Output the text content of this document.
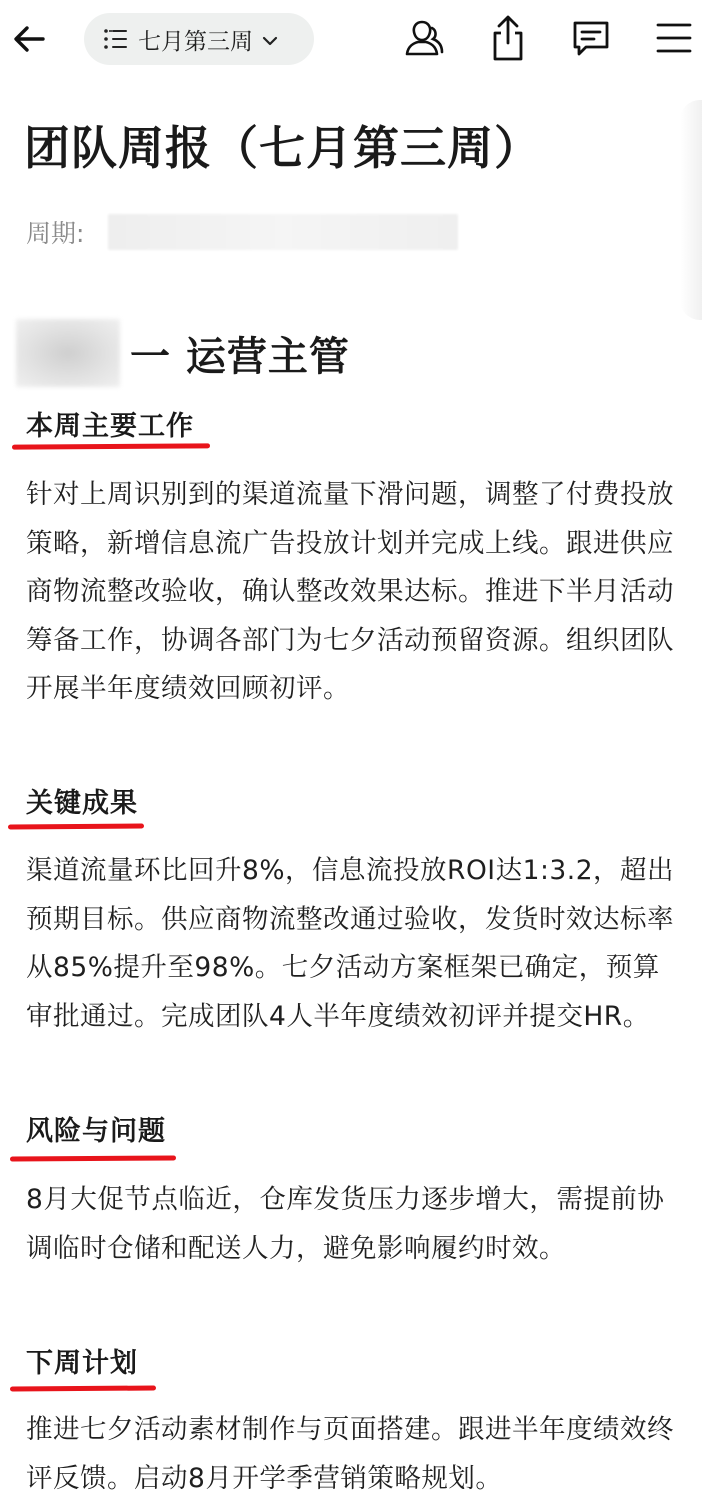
七月第三周
团队周报（七月第三周）
周期:
一 运营主管
本周主要工作

针对上周识别到的渠道流量下滑问题，调整了付费投放策略，新增信息流广告投放计划并完成上线。跟进供应商物流整改验收，确认整改效果达标。推进下半月活动筹备工作，协调各部门为七夕活动预留资源。组织团队开展半年度绩效回顾初评。

关键成果

渠道流量环比回升8%，信息流投放ROI达1:3.2，超出预期目标。供应商物流整改通过验收，发货时效达标率从85%提升至98%。七夕活动方案框架已确定，预算审批通过。完成团队4人半年度绩效初评并提交HR。

风险与问题

8月大促节点临近，仓库发货压力逐步增大，需提前协调临时仓储和配送人力，避免影响履约时效。

下周计划

推进七夕活动素材制作与页面搭建。跟进半年度绩效终评反馈。启动8月开学季营销策略规划。
